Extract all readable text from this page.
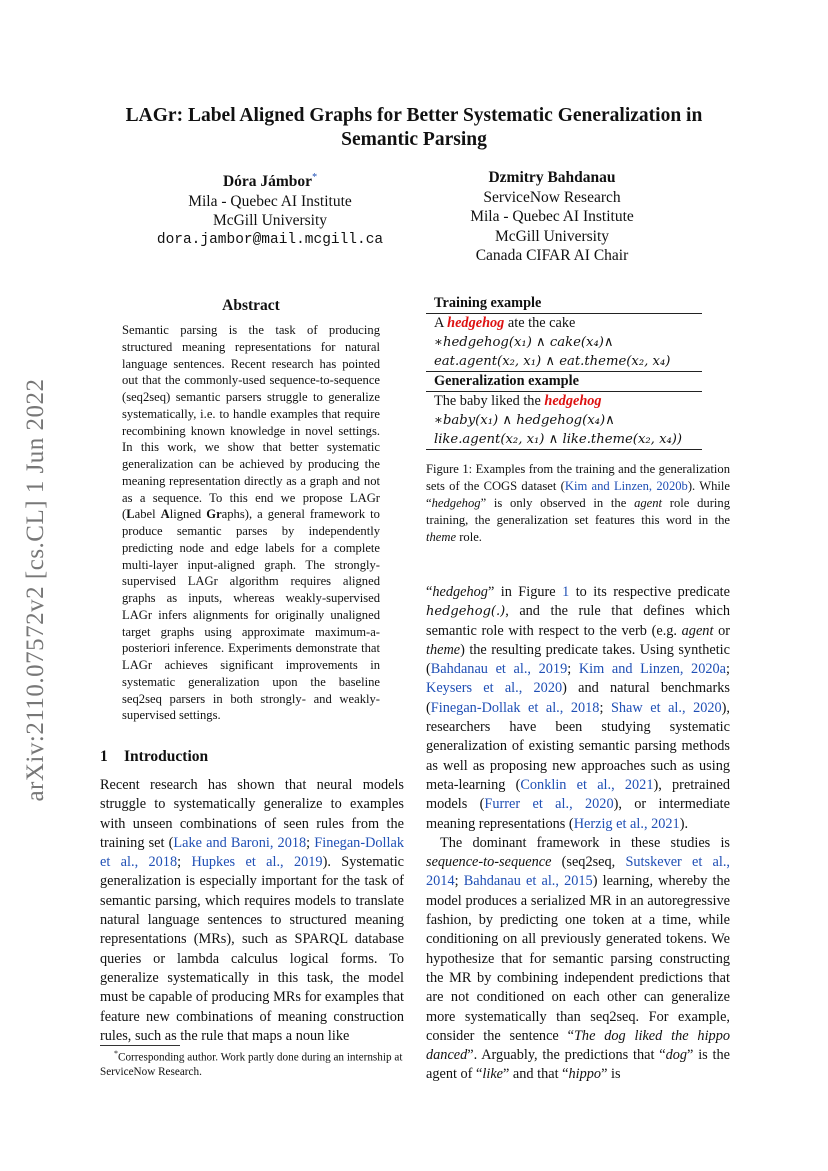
arXiv:2110.07572v2 [cs.CL] 1 Jun 2022
LAGr: Label Aligned Graphs for Better Systematic Generalization in
Semantic Parsing
Dóra Jámbor*
Mila - Quebec AI Institute
McGill University
dora.jambor@mail.mcgill.ca
Dzmitry Bahdanau
ServiceNow Research
Mila - Quebec AI Institute
McGill University
Canada CIFAR AI Chair
Abstract
Semantic parsing is the task of producing structured meaning representations for natural language sentences. Recent research has pointed out that the commonly-used sequence-to-sequence (seq2seq) semantic parsers struggle to generalize systematically, i.e. to handle examples that require recombining known knowledge in novel settings. In this work, we show that better systematic generalization can be achieved by producing the meaning representation directly as a graph and not as a sequence. To this end we propose LAGr (Label Aligned Graphs), a general framework to produce semantic parses by independently predicting node and edge labels for a complete multi-layer input-aligned graph. The strongly-supervised LAGr algorithm requires aligned graphs as inputs, whereas weakly-supervised LAGr infers alignments for originally unaligned target graphs using approximate maximum-a-posteriori inference. Experiments demonstrate that LAGr achieves significant improvements in systematic generalization upon the baseline seq2seq parsers in both strongly- and weakly-supervised settings.
1 Introduction
Recent research has shown that neural models struggle to systematically generalize to examples with unseen combinations of seen rules from the training set (Lake and Baroni, 2018; Finegan-Dollak et al., 2018; Hupkes et al., 2019). Systematic generalization is especially important for the task of semantic parsing, which requires models to translate natural language sentences to structured meaning representations (MRs), such as SPARQL database queries or lambda calculus logical forms. To generalize systematically in this task, the model must be capable of producing MRs for examples that feature new combinations of meaning construction rules, such as the rule that maps a noun like
*Corresponding author. Work partly done during an internship at ServiceNow Research.
Training example
A hedgehog ate the cake
∗hedgehog(x₁) ∧ cake(x₄)∧
eat.agent(x₂, x₁) ∧ eat.theme(x₂, x₄)
Generalization example
The baby liked the hedgehog
∗baby(x₁) ∧ hedgehog(x₄)∧
like.agent(x₂, x₁) ∧ like.theme(x₂, x₄))
Figure 1: Examples from the training and the generalization sets of the COGS dataset (Kim and Linzen, 2020b). While “hedgehog” is only observed in the agent role during training, the generalization set features this word in the theme role.
“hedgehog” in Figure 1 to its respective predicate hedgehog(.), and the rule that defines which semantic role with respect to the verb (e.g. agent or theme) the resulting predicate takes. Using synthetic (Bahdanau et al., 2019; Kim and Linzen, 2020a; Keysers et al., 2020) and natural benchmarks (Finegan-Dollak et al., 2018; Shaw et al., 2020), researchers have been studying systematic generalization of existing semantic parsing methods as well as proposing new approaches such as using meta-learning (Conklin et al., 2021), pretrained models (Furrer et al., 2020), or intermediate meaning representations (Herzig et al., 2021).
The dominant framework in these studies is sequence-to-sequence (seq2seq, Sutskever et al., 2014; Bahdanau et al., 2015) learning, whereby the model produces a serialized MR in an autoregressive fashion, by predicting one token at a time, while conditioning on all previously generated tokens. We hypothesize that for semantic parsing constructing the MR by combining independent predictions that are not conditioned on each other can generalize more systematically than seq2seq. For example, consider the sentence “The dog liked the hippo danced”. Arguably, the predictions that “dog” is the agent of “like” and that “hippo” is
